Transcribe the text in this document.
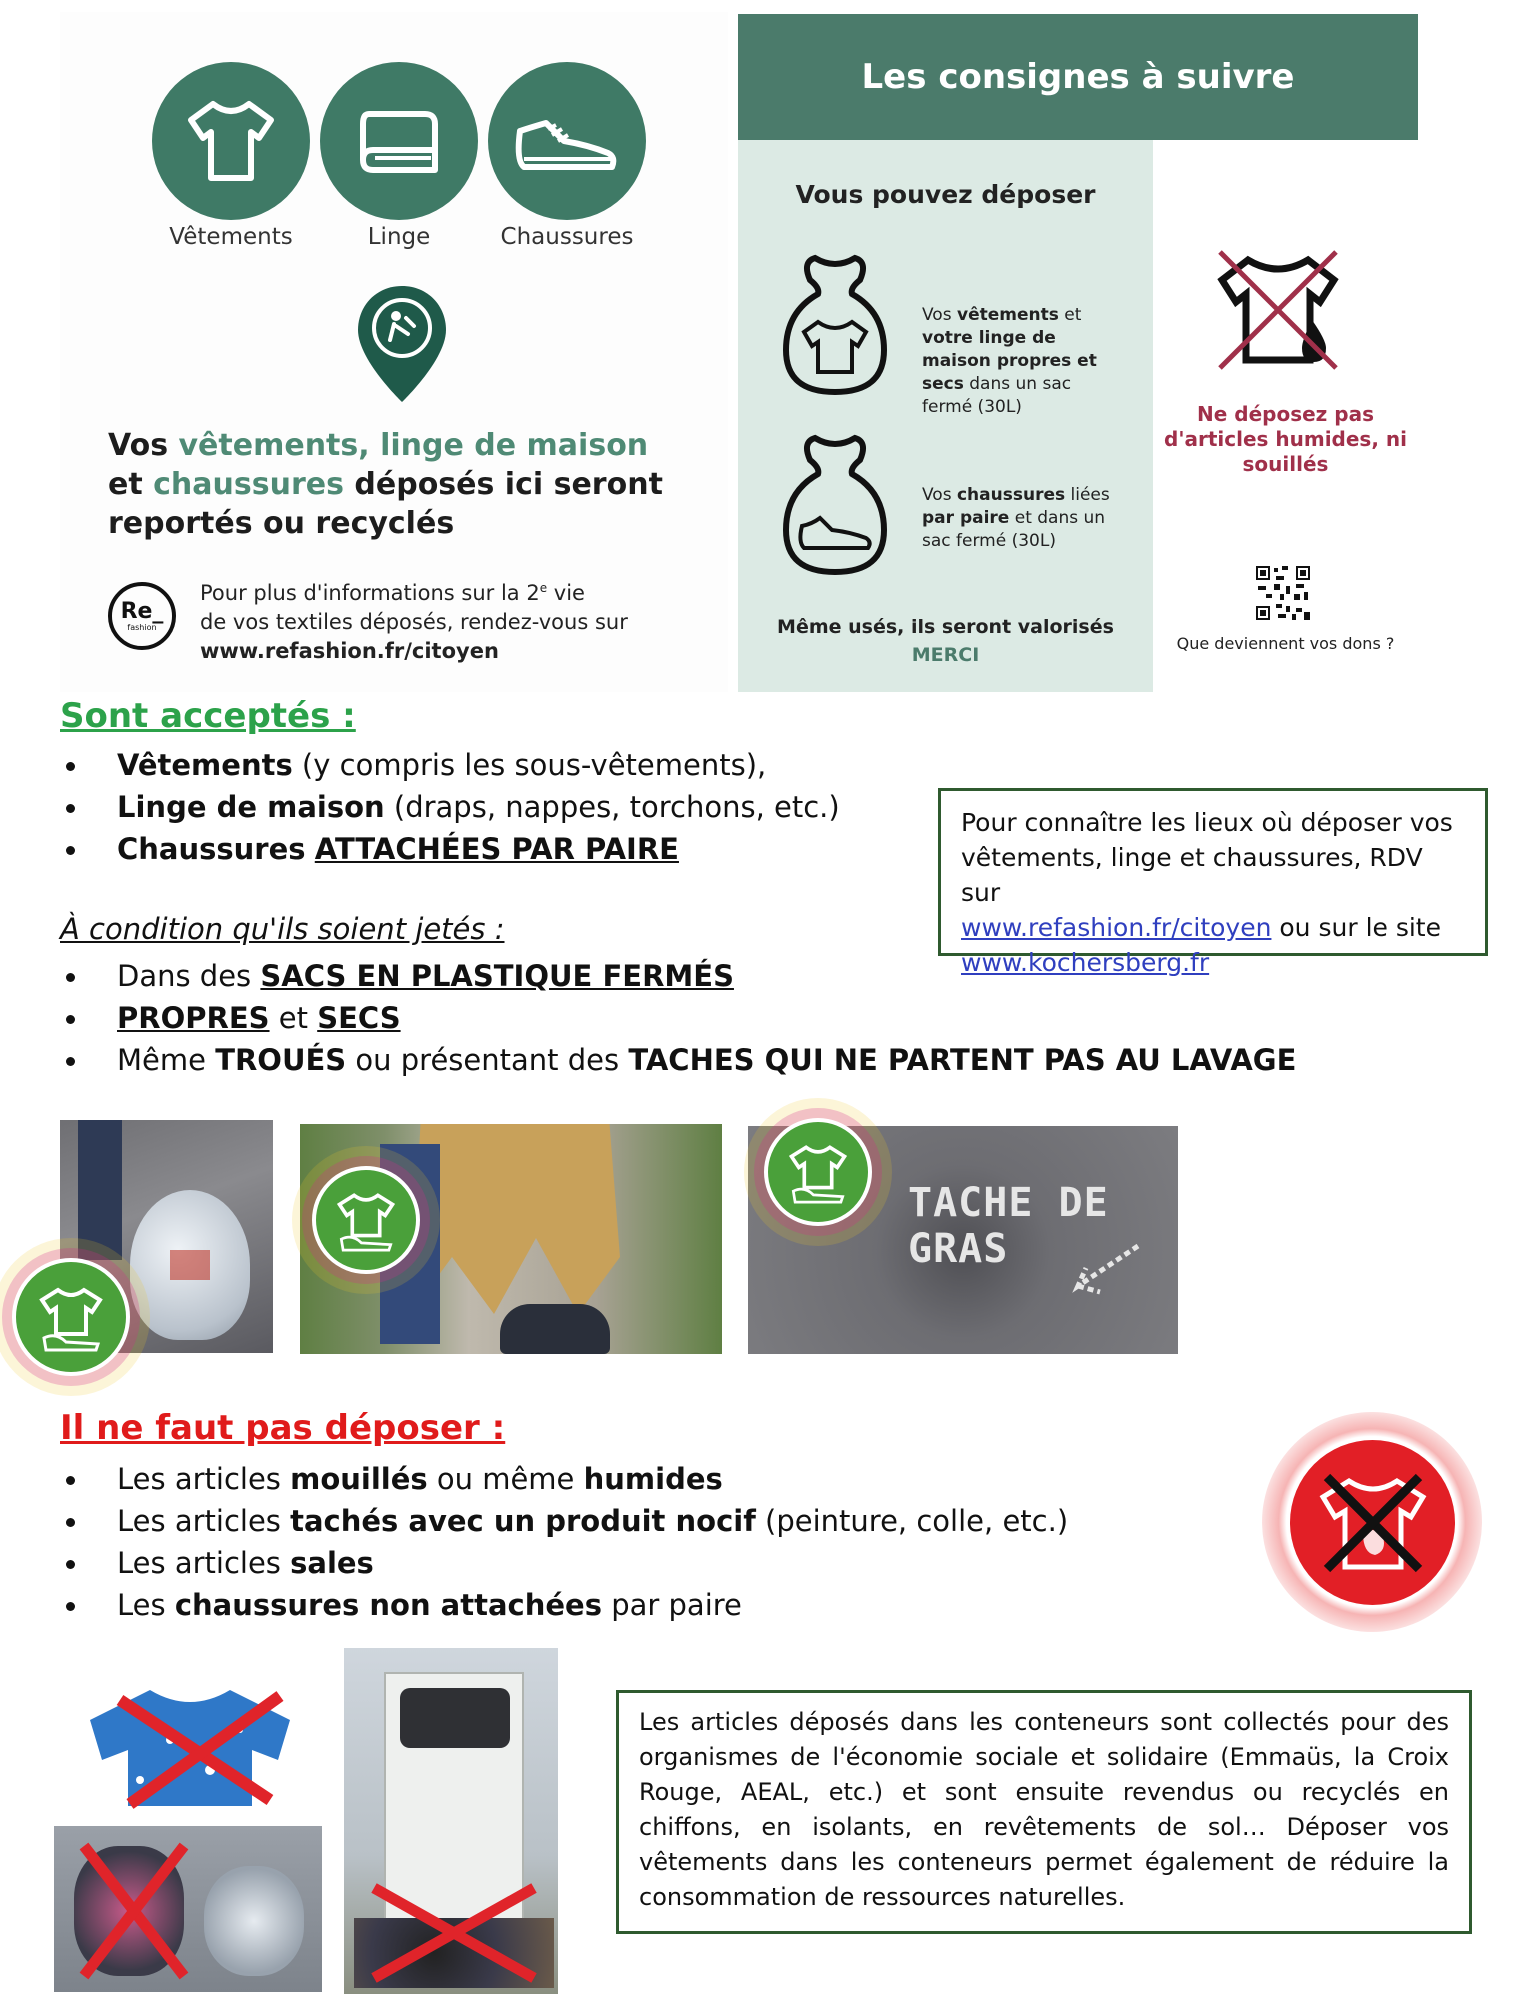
Vêtements	Linge	Chaussures
Vos vêtements, linge de maison et chaussures déposés ici seront reportés ou recyclés
Re_
fashion
Pour plus d'informations sur la 2e vie
de vos textiles déposés, rendez-vous sur
www.refashion.fr/citoyen
Les consignes à suivre
Vous pouvez déposer
Vos vêtements et votre linge de maison propres et secs dans un sac fermé (30L)
Vos chaussures liées par paire et dans un sac fermé (30L)
Même usés, ils seront valorisés
MERCI
Ne déposez pas d'articles humides, ni souillés
Que deviennent vos dons ?
Sont acceptés :
Vêtements (y compris les sous-vêtements),
Linge de maison (draps, nappes, torchons, etc.)
Chaussures ATTACHÉES PAR PAIRE
À condition qu'ils soient jetés :
Dans des SACS EN PLASTIQUE FERMÉS
PROPRES et SECS
Même TROUÉS ou présentant des TACHES QUI NE PARTENT PAS AU LAVAGE
Pour connaître les lieux où déposer vos
vêtements, linge et chaussures, RDV sur
www.refashion.fr/citoyen ou sur le site
www.kochersberg.fr
TACHE DE GRAS
Il ne faut pas déposer :
Les articles mouillés ou même humides
Les articles tachés avec un produit nocif (peinture, colle, etc.)
Les articles sales
Les chaussures non attachées par paire
Les articles déposés dans les conteneurs sont collectés pour des organismes de l'économie sociale et solidaire (Emmaüs, la Croix Rouge, AEAL, etc.) et sont ensuite revendus ou recyclés en chiffons, en isolants, en revêtements de sol… Déposer vos vêtements dans les conteneurs permet également de réduire la consommation de ressources naturelles.
